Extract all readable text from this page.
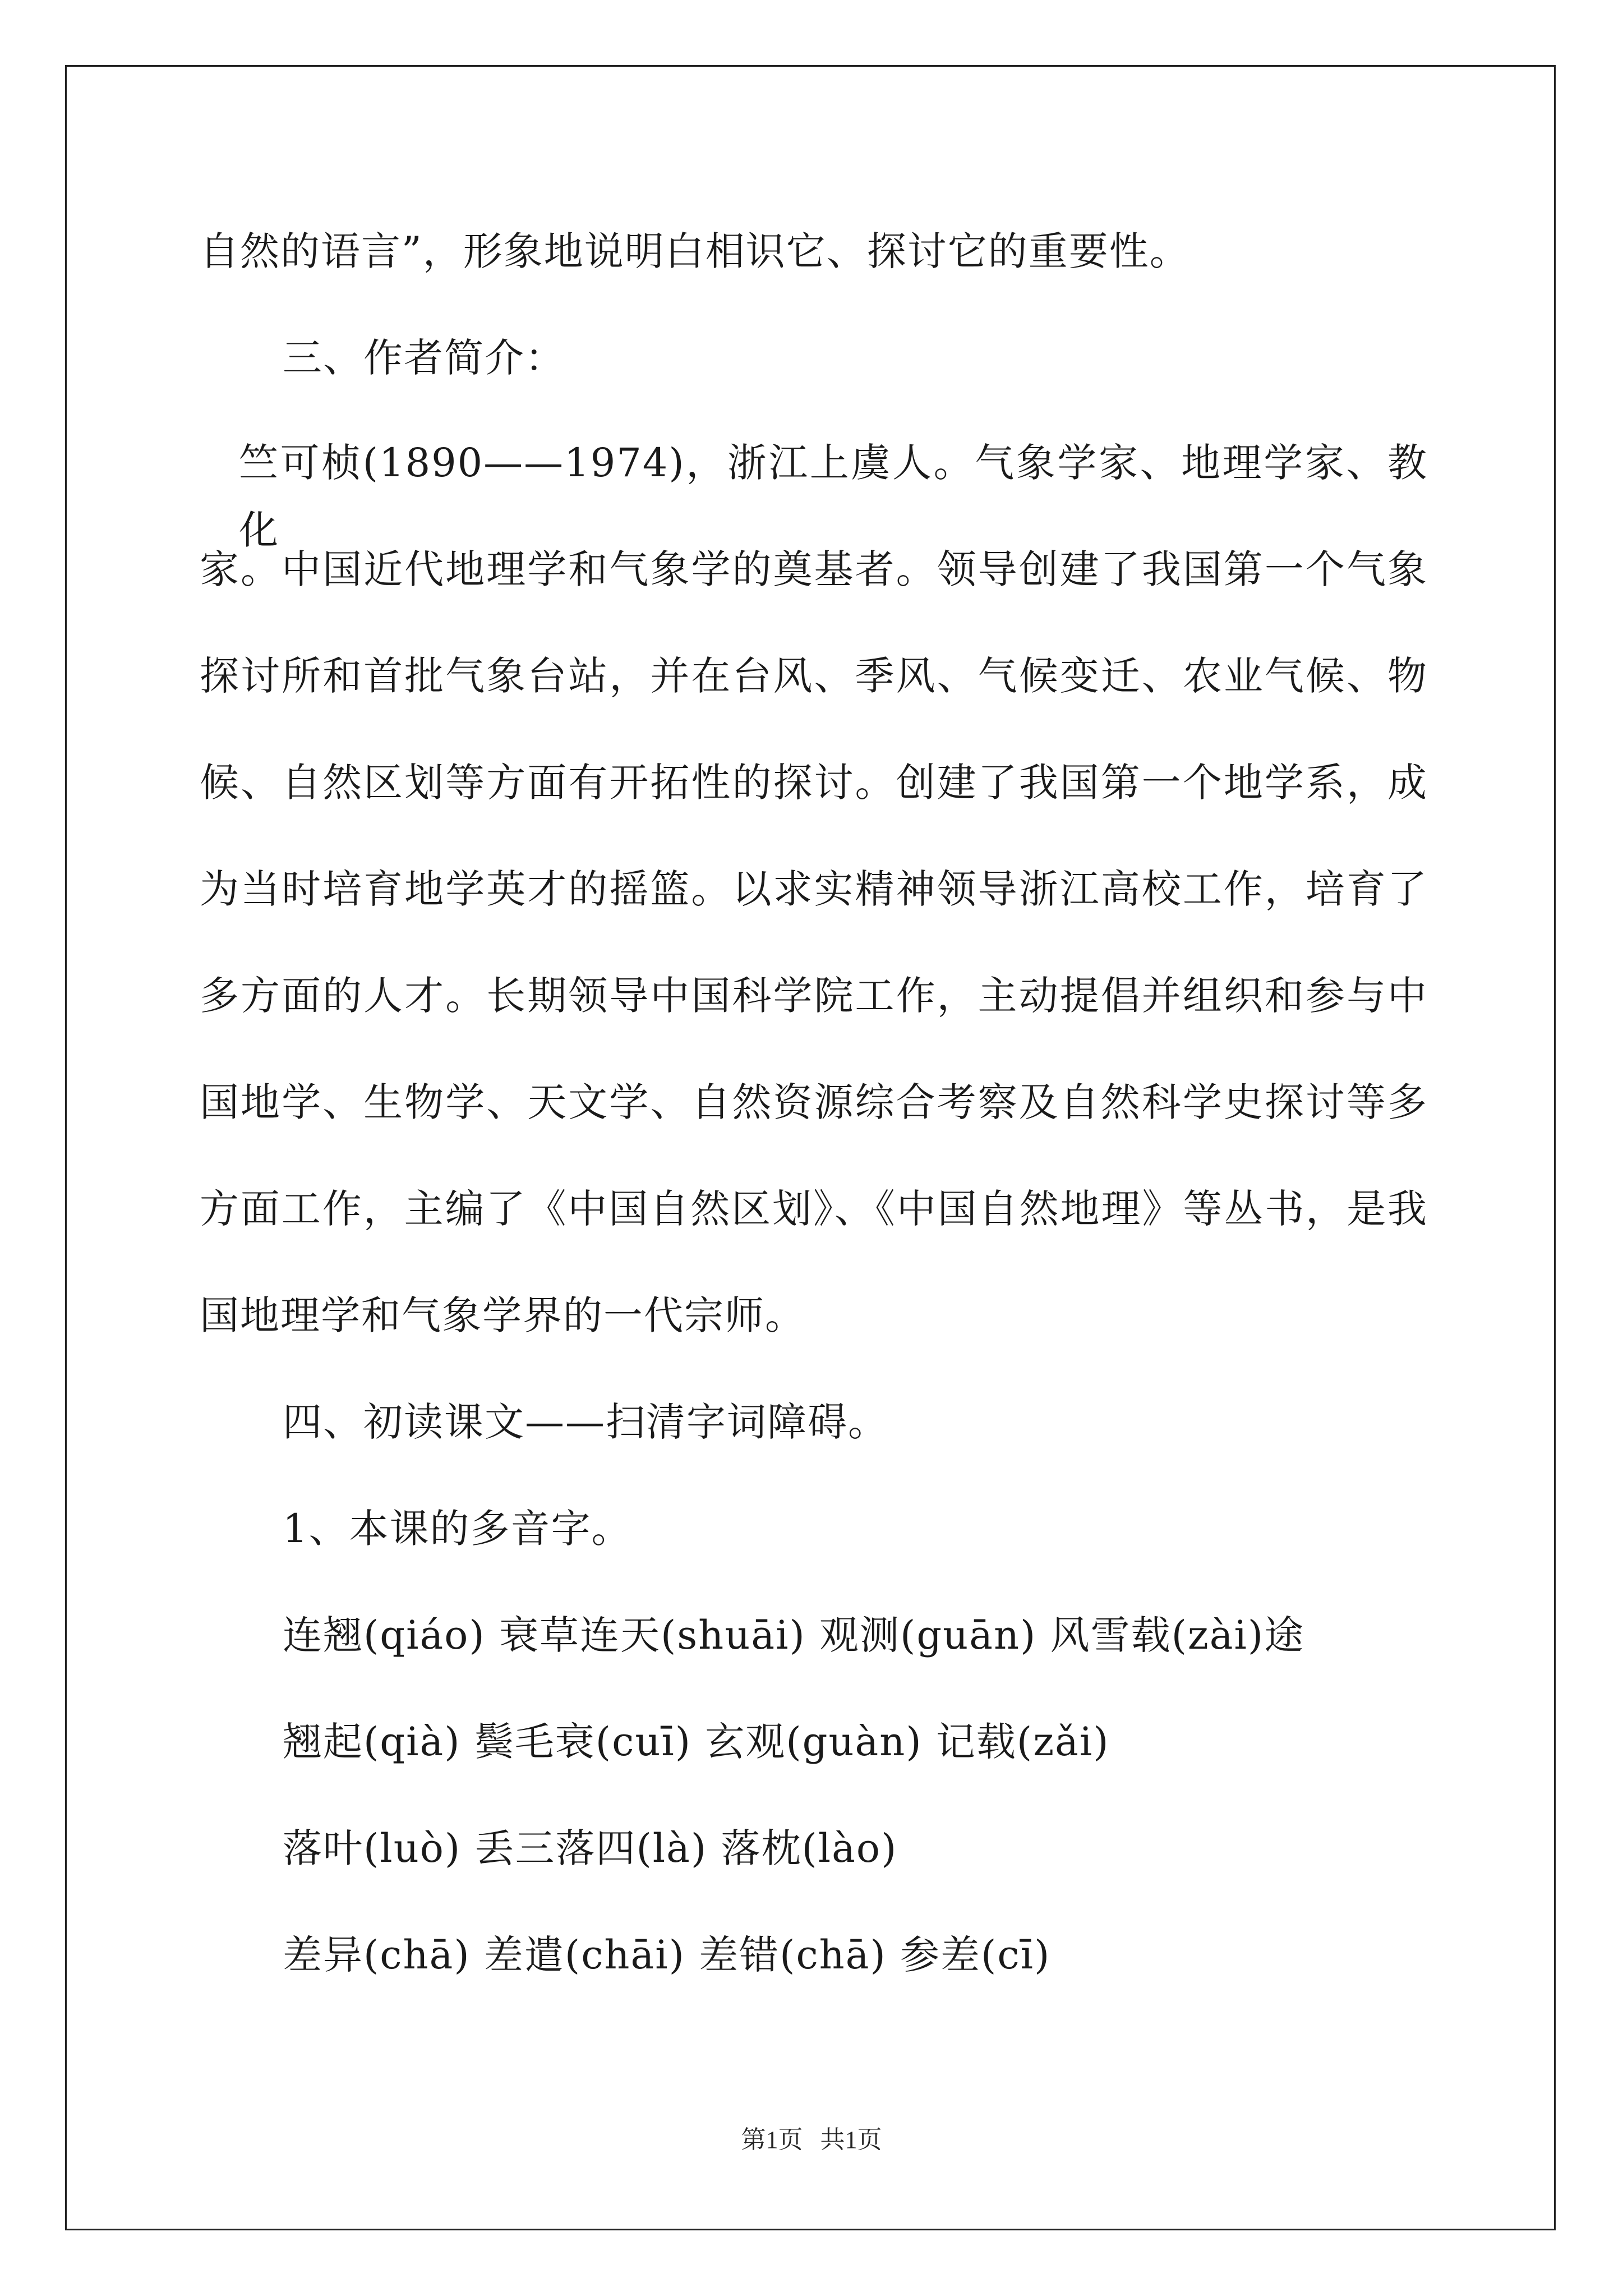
自然的语言”，形象地说明白相识它、探讨它的重要性。
三、作者简介：
竺可桢(1890——1974)，浙江上虞人。气象学家、地理学家、教化
家。中国近代地理学和气象学的奠基者。领导创建了我国第一个气象
探讨所和首批气象台站，并在台风、季风、气候变迁、农业气候、物
候、自然区划等方面有开拓性的探讨。创建了我国第一个地学系，成
为当时培育地学英才的摇篮。以求实精神领导浙江高校工作，培育了
多方面的人才。长期领导中国科学院工作，主动提倡并组织和参与中
国地学、生物学、天文学、自然资源综合考察及自然科学史探讨等多
方面工作，主编了《中国自然区划》、《中国自然地理》等丛书，是我
国地理学和气象学界的一代宗师。
四、初读课文——扫清字词障碍。
1、本课的多音字。
连翘(qiáo) 衰草连天(shuāi) 观测(guān) 风雪载(zài)途
翘起(qià) 鬓毛衰(cuī) 玄观(guàn) 记载(zǎi)
落叶(luò) 丢三落四(là) 落枕(lào)
差异(chā) 差遣(chāi) 差错(chā) 参差(cī)
第1页 共1页
